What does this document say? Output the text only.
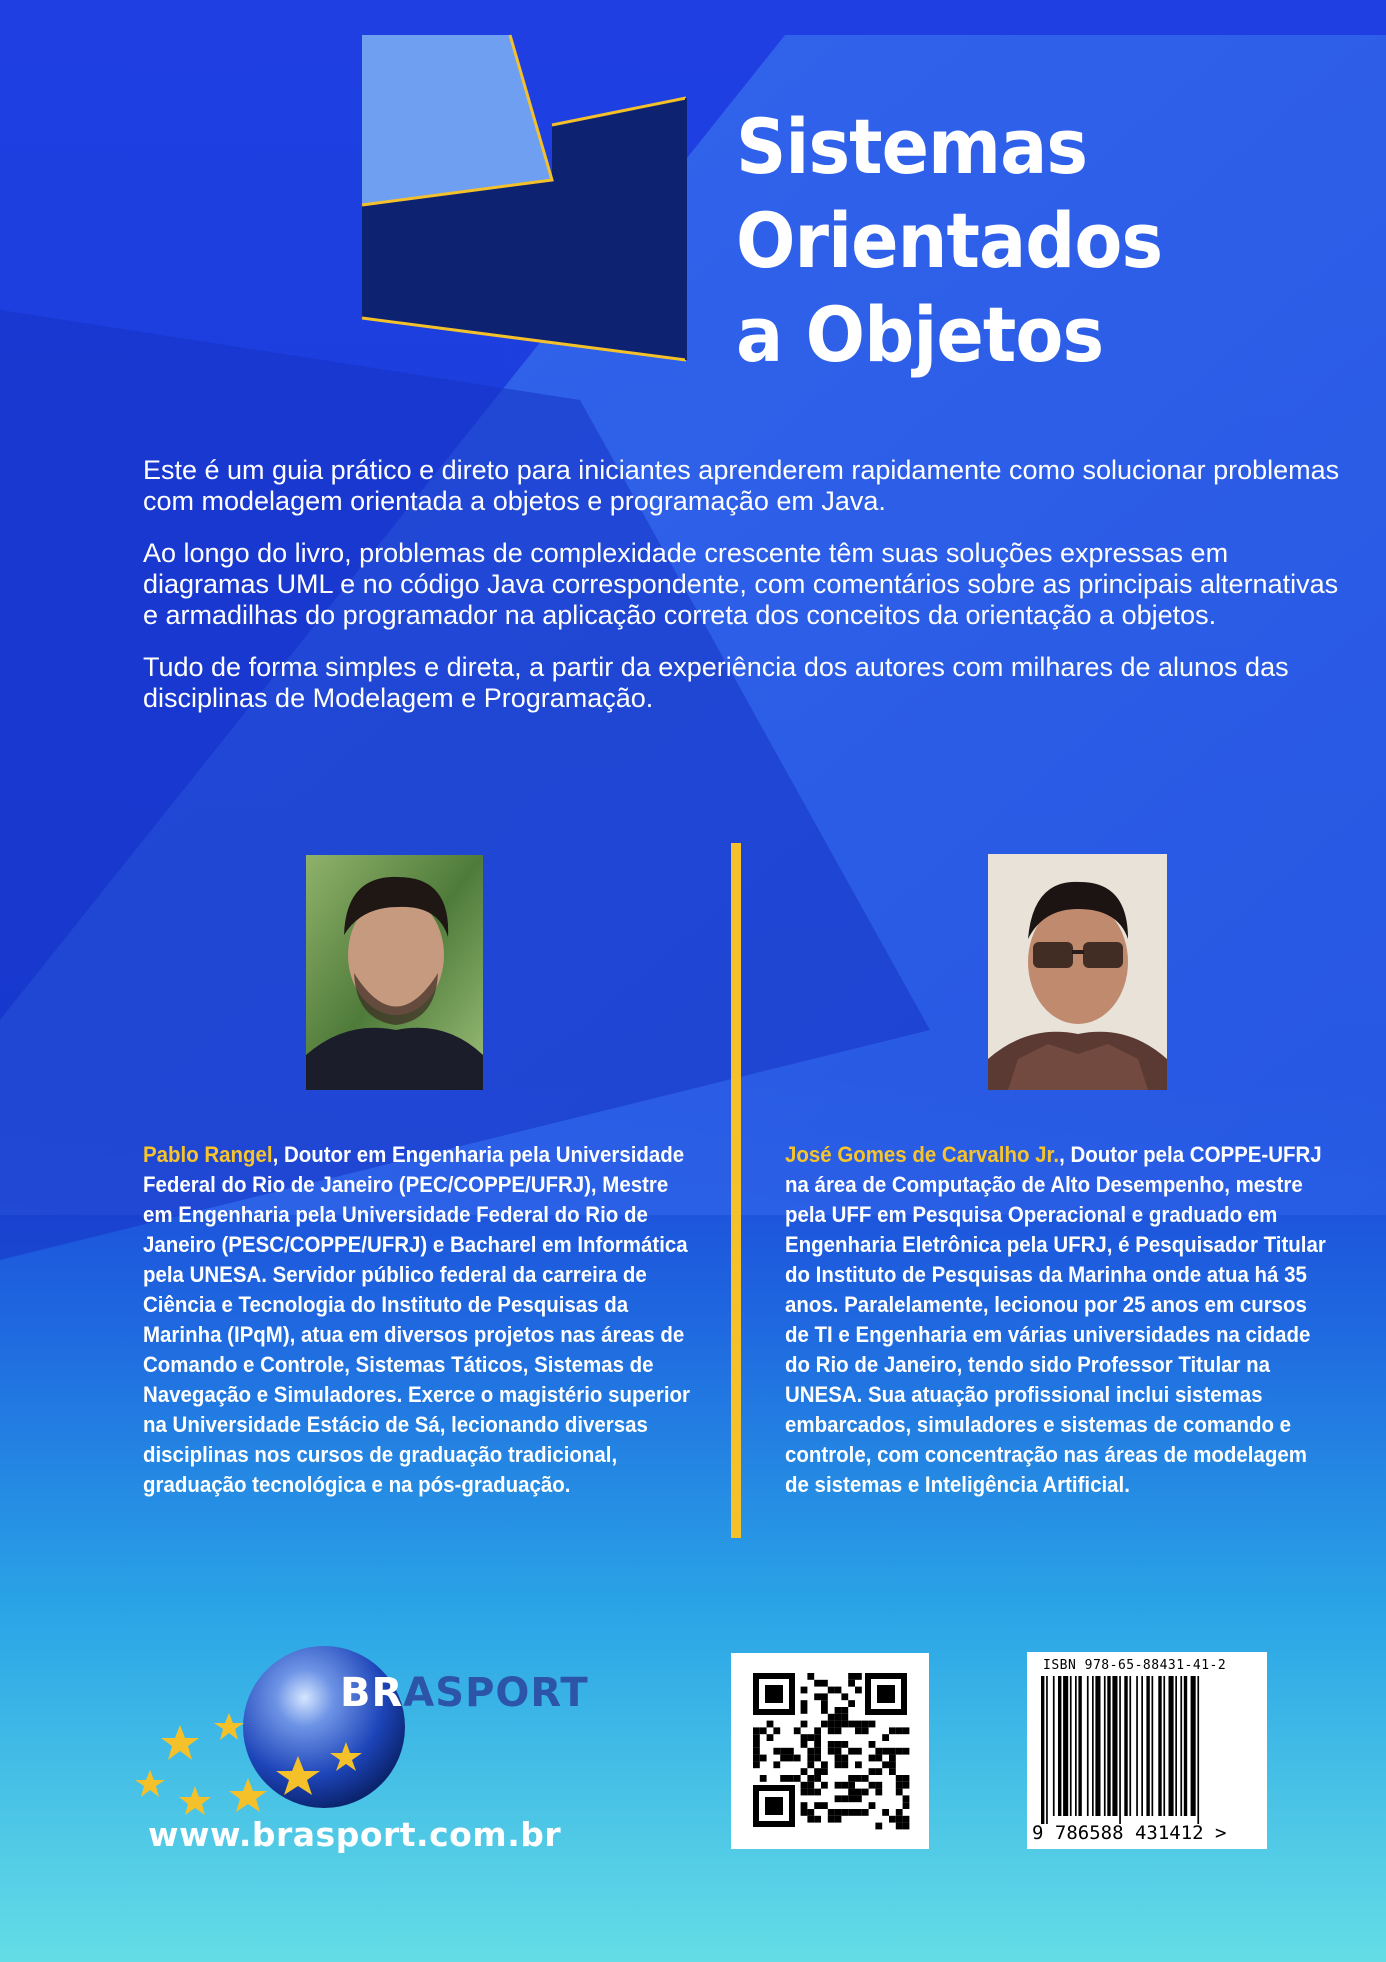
Sistemas
Orientados
a Objetos

Este é um guia prático e direto para iniciantes aprenderem rapidamente como solucionar problemas com modelagem orientada a objetos e programação em Java.

Ao longo do livro, problemas de complexidade crescente têm suas soluções expressas em diagramas UML e no código Java correspondente, com comentários sobre as principais alternativas e armadilhas do programador na aplicação correta dos conceitos da orientação a objetos.

Tudo de forma simples e direta, a partir da experiência dos autores com milhares de alunos das disciplinas de Modelagem e Programação.

Pablo Rangel, Doutor em Engenharia pela Universidade Federal do Rio de Janeiro (PEC/COPPE/UFRJ), Mestre em Engenharia pela Universidade Federal do Rio de Janeiro (PESC/COPPE/UFRJ) e Bacharel em Informática pela UNESA. Servidor público federal da carreira de Ciência e Tecnologia do Instituto de Pesquisas da Marinha (IPqM), atua em diversos projetos nas áreas de Comando e Controle, Sistemas Táticos, Sistemas de Navegação e Simuladores. Exerce o magistério superior na Universidade Estácio de Sá, lecionando diversas disciplinas nos cursos de graduação tradicional, graduação tecnológica e na pós-graduação.
José Gomes de Carvalho Jr., Doutor pela COPPE-UFRJ na área de Computação de Alto Desempenho, mestre pela UFF em Pesquisa Operacional e graduado em Engenharia Eletrônica pela UFRJ, é Pesquisador Titular do Instituto de Pesquisas da Marinha onde atua há 35 anos. Paralelamente, lecionou por 25 anos em cursos de TI e Engenharia em várias universidades na cidade do Rio de Janeiro, tendo sido Professor Titular na UNESA. Sua atuação profissional inclui sistemas embarcados, simuladores e sistemas de comando e controle, com concentração nas áreas de modelagem de sistemas e Inteligência Artificial.
BRASPORT
www.brasport.com.br
ISBN 978-65-88431-41-2
9 786588 431412 >
